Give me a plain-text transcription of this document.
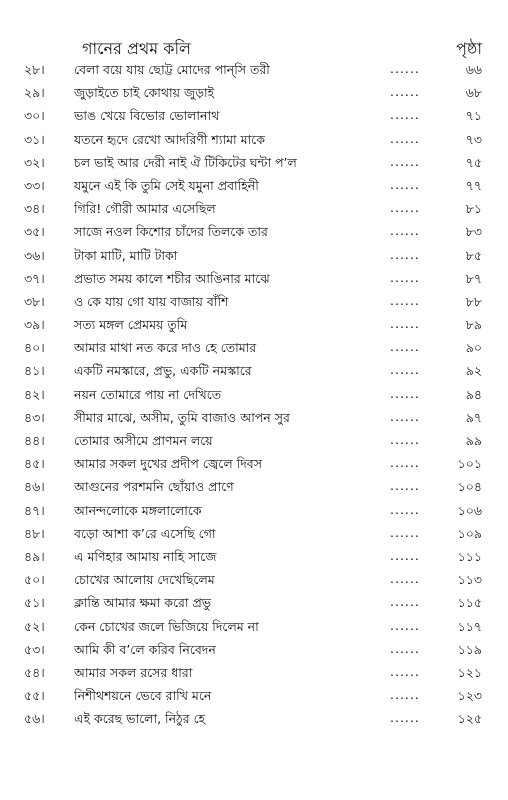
গানের প্রথম কলি	পৃষ্ঠা
২৮।	বেলা বয়ে যায় ছোট্ট মোদের পান্‌সি তরী	......	৬৬
২৯।	জুড়াইতে চাই কোথায় জুড়াই	......	৬৮
৩০।	ভাঙ খেয়ে বিভোর ভোলানাথ	......	৭১
৩১।	যতনে হৃদে রেখো আদরিণী শ্যামা মাকে	......	৭৩
৩২।	চল ভাই আর দেরী নাই ঐ টিকিটের ঘন্টা প’ল	......	৭৫
৩৩।	যমুনে এই কি তুমি সেই যমুনা প্রবাহিনী	......	৭৭
৩৪।	গিরি! গৌরী আমার এসেছিল	......	৮১
৩৫।	সাজে নওল কিশোর চাঁদের তিলকে তার	......	৮৩
৩৬।	টাকা মাটি, মাটি টাকা	......	৮৫
৩৭।	প্রভাত সময় কালে শচীর আঙিনার মাঝে	......	৮৭
৩৮।	ও কে যায় গো যায় বাজায় বাঁশি	......	৮৮
৩৯।	সত্য মঙ্গল প্রেমময় তুমি	......	৮৯
৪০।	আমার মাথা নত করে দাও হে তোমার	......	৯০
৪১।	একটি নমস্কারে, প্রভু, একটি নমস্কারে	......	৯২
৪২।	নয়ন তোমারে পায় না দেখিতে	......	৯৪
৪৩।	সীমার মাঝে, অসীম, তুমি বাজাও আপন সুর	......	৯৭
৪৪।	তোমার অসীমে প্রাণমন লয়ে	......	৯৯
৪৫।	আমার সকল দুখের প্রদীপ জ্বেলে দিবস	......	১০১
৪৬।	আগুনের পরশমনি ছোঁয়াও প্রাণে	......	১০৪
৪৭।	আনন্দলোকে মঙ্গলালোকে	......	১০৬
৪৮।	বড়ো আশা ক’রে এসেছি গো	......	১০৯
৪৯।	এ মণিহার আমায় নাহি সাজে	......	১১১
৫০।	চোখের আলোয় দেখেছিলেম	......	১১৩
৫১।	ক্লান্তি আমার ক্ষমা করো প্রভু	......	১১৫
৫২।	কেন চোখের জলে ভিজিয়ে দিলেম না	......	১১৭
৫৩।	আমি কী ব’লে করিব নিবেদন	......	১১৯
৫৪।	আমার সকল রসের ধারা	......	১২১
৫৫।	নিশীথশয়নে ভেবে রাখি মনে	......	১২৩
৫৬।	এই করেছ ভালো, নিঠুর হে	......	১২৫
